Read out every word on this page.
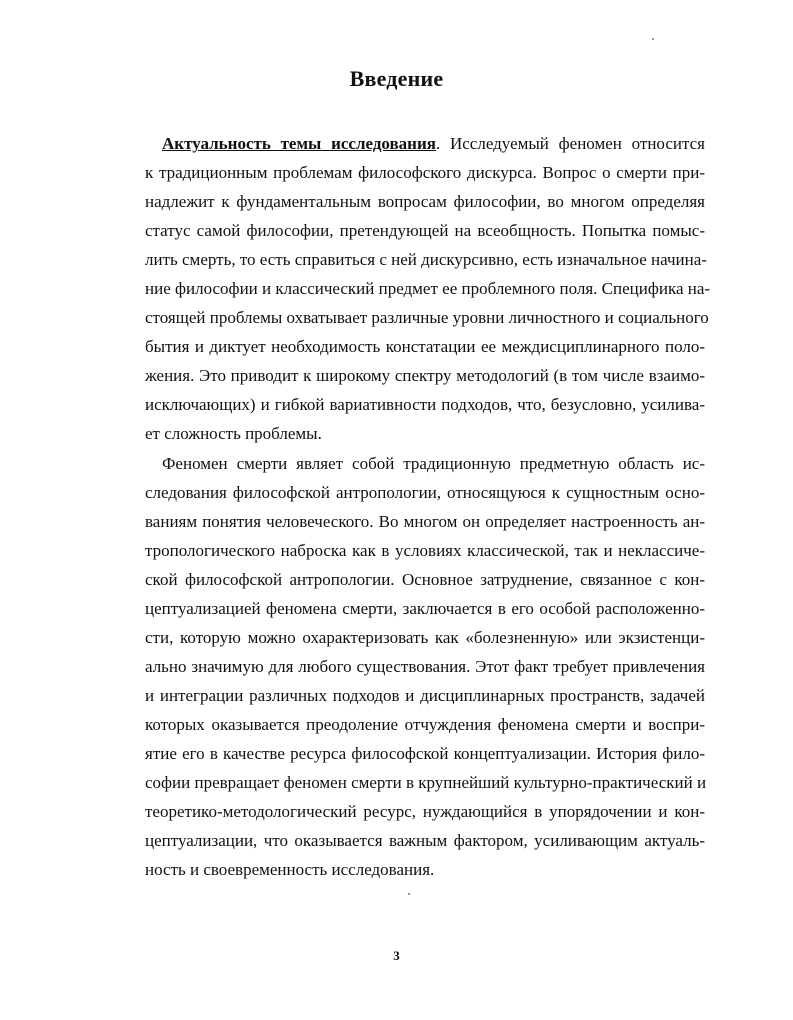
Введение
Актуальность темы исследования. Исследуемый феномен относится
к традиционным проблемам философского дискурса. Вопрос о смерти при-
надлежит к фундаментальным вопросам философии, во многом определяя
статус самой философии, претендующей на всеобщность. Попытка помыс-
лить смерть, то есть справиться с ней дискурсивно, есть изначальное начина-
ние философии и классический предмет ее проблемного поля. Специфика на-
стоящей проблемы охватывает различные уровни личностного и социального
бытия и диктует необходимость констатации ее междисциплинарного поло-
жения. Это приводит к широкому спектру методологий (в том числе взаимо-
исключающих) и гибкой вариативности подходов, что, безусловно, усилива-
ет сложность проблемы.
Феномен смерти являет собой традиционную предметную область ис-
следования философской антропологии, относящуюся к сущностным осно-
ваниям понятия человеческого. Во многом он определяет настроенность ан-
тропологического наброска как в условиях классической, так и неклассиче-
ской философской антропологии. Основное затруднение, связанное с кон-
цептуализацией феномена смерти, заключается в его особой расположенно-
сти, которую можно охарактеризовать как «болезненную» или экзистенци-
ально значимую для любого существования. Этот факт требует привлечения
и интеграции различных подходов и дисциплинарных пространств, задачей
которых оказывается преодоление отчуждения феномена смерти и воспри-
ятие его в качестве ресурса философской концептуализации. История фило-
софии превращает феномен смерти в крупнейший культурно-практический и
теоретико-методологический ресурс, нуждающийся в упорядочении и кон-
цептуализации, что оказывается важным фактором, усиливающим актуаль-
ность и своевременность исследования.
3
